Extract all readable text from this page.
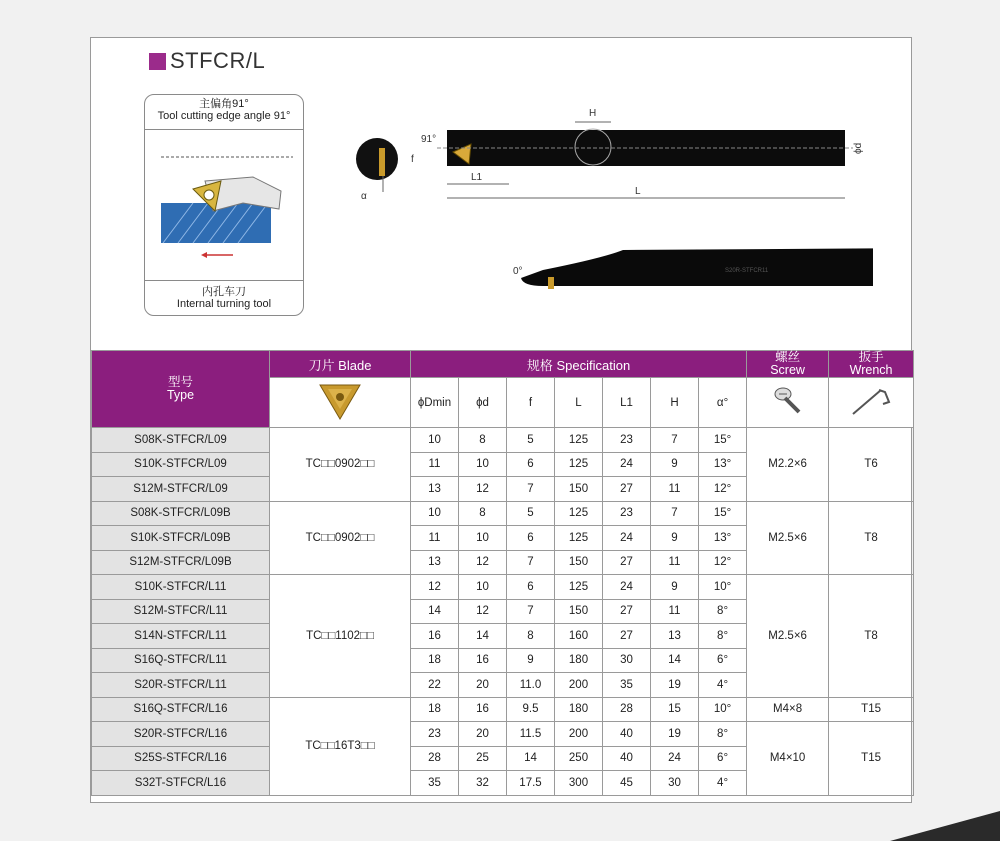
STFCR/L
主偏角91°
Tool cutting edge angle 91°
内孔车刀
Internal turning tool
α
91°
H
ϕd
f
L1
L
S20R-STFCR11
0°
型号
Type	刀片 Blade	规格 Specification							螺丝
Screw	扳手
Wrench

	ϕDmin	ϕd	f	L	L1	H	α°		
S08K-STFCR/L09	TC□□0902□□	10	8	5	125	23	7	15°	M2.2×6	T6
S10K-STFCR/L09		11	10	6	125	24	9	13°		
S12M-STFCR/L09		13	12	7	150	27	11	12°		
S08K-STFCR/L09B	TC□□0902□□	10	8	5	125	23	7	15°	M2.5×6	T8
S10K-STFCR/L09B		11	10	6	125	24	9	13°		
S12M-STFCR/L09B		13	12	7	150	27	11	12°		
S10K-STFCR/L11	TC□□1102□□	12	10	6	125	24	9	10°	M2.5×6	T8
S12M-STFCR/L11		14	12	7	150	27	11	8°		
S14N-STFCR/L11		16	14	8	160	27	13	8°		
S16Q-STFCR/L11		18	16	9	180	30	14	6°		
S20R-STFCR/L11		22	20	11.0	200	35	19	4°		
S16Q-STFCR/L16	TC□□16T3□□	18	16	9.5	180	28	15	10°	M4×8	T15
S20R-STFCR/L16		23	20	11.5	200	40	19	8°	M4×10	T15
S25S-STFCR/L16		28	25	14	250	40	24	6°		
S32T-STFCR/L16		35	32	17.5	300	45	30	4°		
